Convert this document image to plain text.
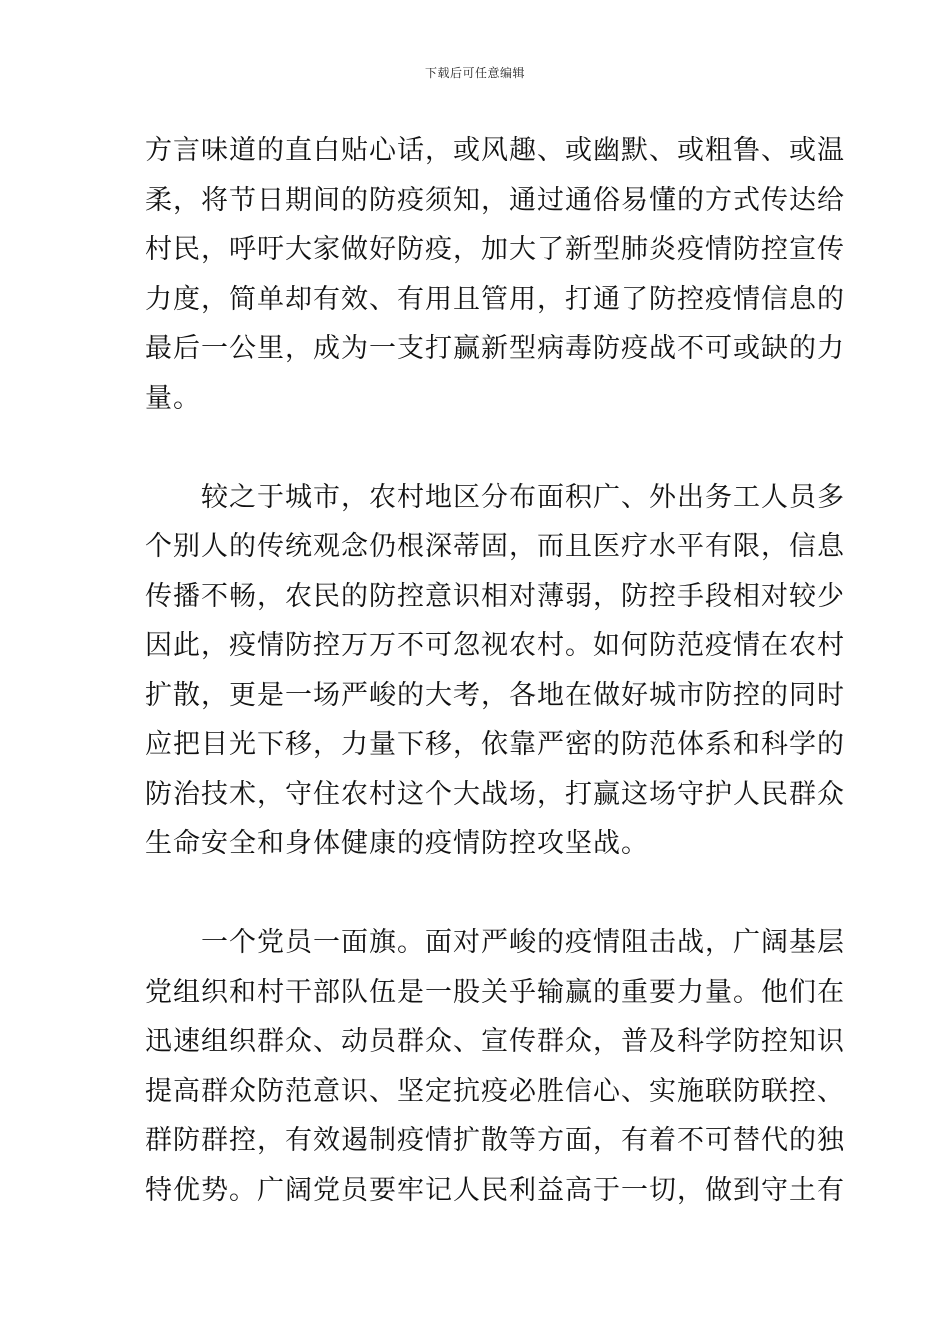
下载后可任意编辑
方言味道的直白贴心话，或风趣、或幽默、或粗鲁、或温
柔，将节日期间的防疫须知，通过通俗易懂的方式传达给
村民，呼吁大家做好防疫，加大了新型肺炎疫情防控宣传
力度，简单却有效、有用且管用，打通了防控疫情信息的
最后一公里，成为一支打赢新型病毒防疫战不可或缺的力
量。
较之于城市，农村地区分布面积广、外出务工人员多
个别人的传统观念仍根深蒂固，而且医疗水平有限，信息
传播不畅，农民的防控意识相对薄弱，防控手段相对较少
因此，疫情防控万万不可忽视农村。如何防范疫情在农村
扩散，更是一场严峻的大考，各地在做好城市防控的同时
应把目光下移，力量下移，依靠严密的防范体系和科学的
防治技术，守住农村这个大战场，打赢这场守护人民群众
生命安全和身体健康的疫情防控攻坚战。
一个党员一面旗。面对严峻的疫情阻击战，广阔基层
党组织和村干部队伍是一股关乎输赢的重要力量。他们在
迅速组织群众、动员群众、宣传群众，普及科学防控知识
提高群众防范意识、坚定抗疫必胜信心、实施联防联控、
群防群控，有效遏制疫情扩散等方面，有着不可替代的独
特优势。广阔党员要牢记人民利益高于一切，做到守土有
